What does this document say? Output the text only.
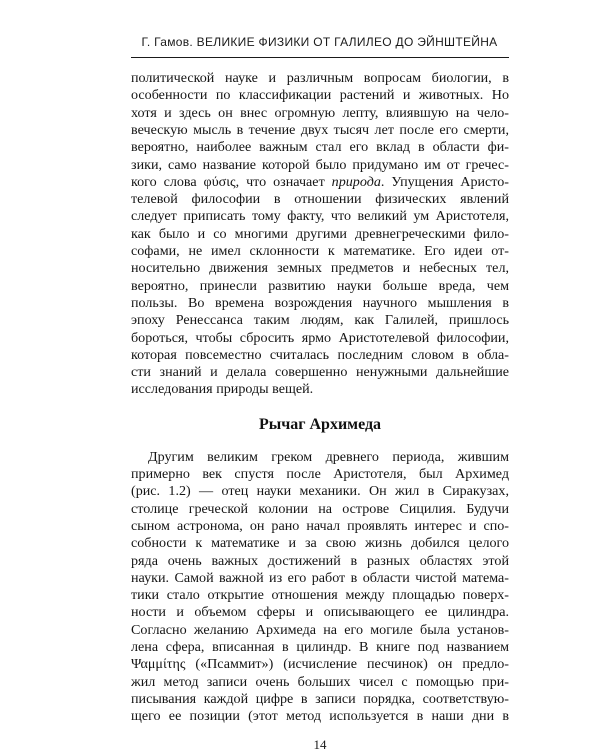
Г. Гамов. ВЕЛИКИЕ ФИЗИКИ ОТ ГАЛИЛЕО ДО ЭЙНШТЕЙНА
политической науке и различным вопросам биологии, в
особенности по классификации растений и животных. Но
хотя и здесь он внес огромную лепту, влиявшую на чело-
веческую мысль в течение двух тысяч лет после его смерти,
вероятно, наиболее важным стал его вклад в области фи-
зики, само название которой было придумано им от гречес-
кого слова φύσις, что означает природа. Упущения Аристо-
телевой философии в отношении физических явлений
следует приписать тому факту, что великий ум Аристотеля,
как было и со многими другими древнегреческими фило-
софами, не имел склонности к математике. Его идеи от-
носительно движения земных предметов и небесных тел,
вероятно, принесли развитию науки больше вреда, чем
пользы. Во времена возрождения научного мышления в
эпоху Ренессанса таким людям, как Галилей, пришлось
бороться, чтобы сбросить ярмо Аристотелевой философии,
которая повсеместно считалась последним словом в обла-
сти знаний и делала совершенно ненужными дальнейшие
исследования природы вещей.
Рычаг Архимеда
Другим великим греком древнего периода, жившим
примерно век спустя после Аристотеля, был Архимед
(рис. 1.2) — отец науки механики. Он жил в Сиракузах,
столице греческой колонии на острове Сицилия. Будучи
сыном астронома, он рано начал проявлять интерес и спо-
собности к математике и за свою жизнь добился целого
ряда очень важных достижений в разных областях этой
науки. Самой важной из его работ в области чистой матема-
тики стало открытие отношения между площадью поверх-
ности и объемом сферы и описывающего ее цилиндра.
Согласно желанию Архимеда на его могиле была установ-
лена сфера, вписанная в цилиндр. В книге под названием
Ψαμμίτης («Псаммит») (исчисление песчинок) он предло-
жил метод записи очень больших чисел с помощью при-
писывания каждой цифре в записи порядка, соответствую-
щего ее позиции (этот метод используется в наши дни в
14
